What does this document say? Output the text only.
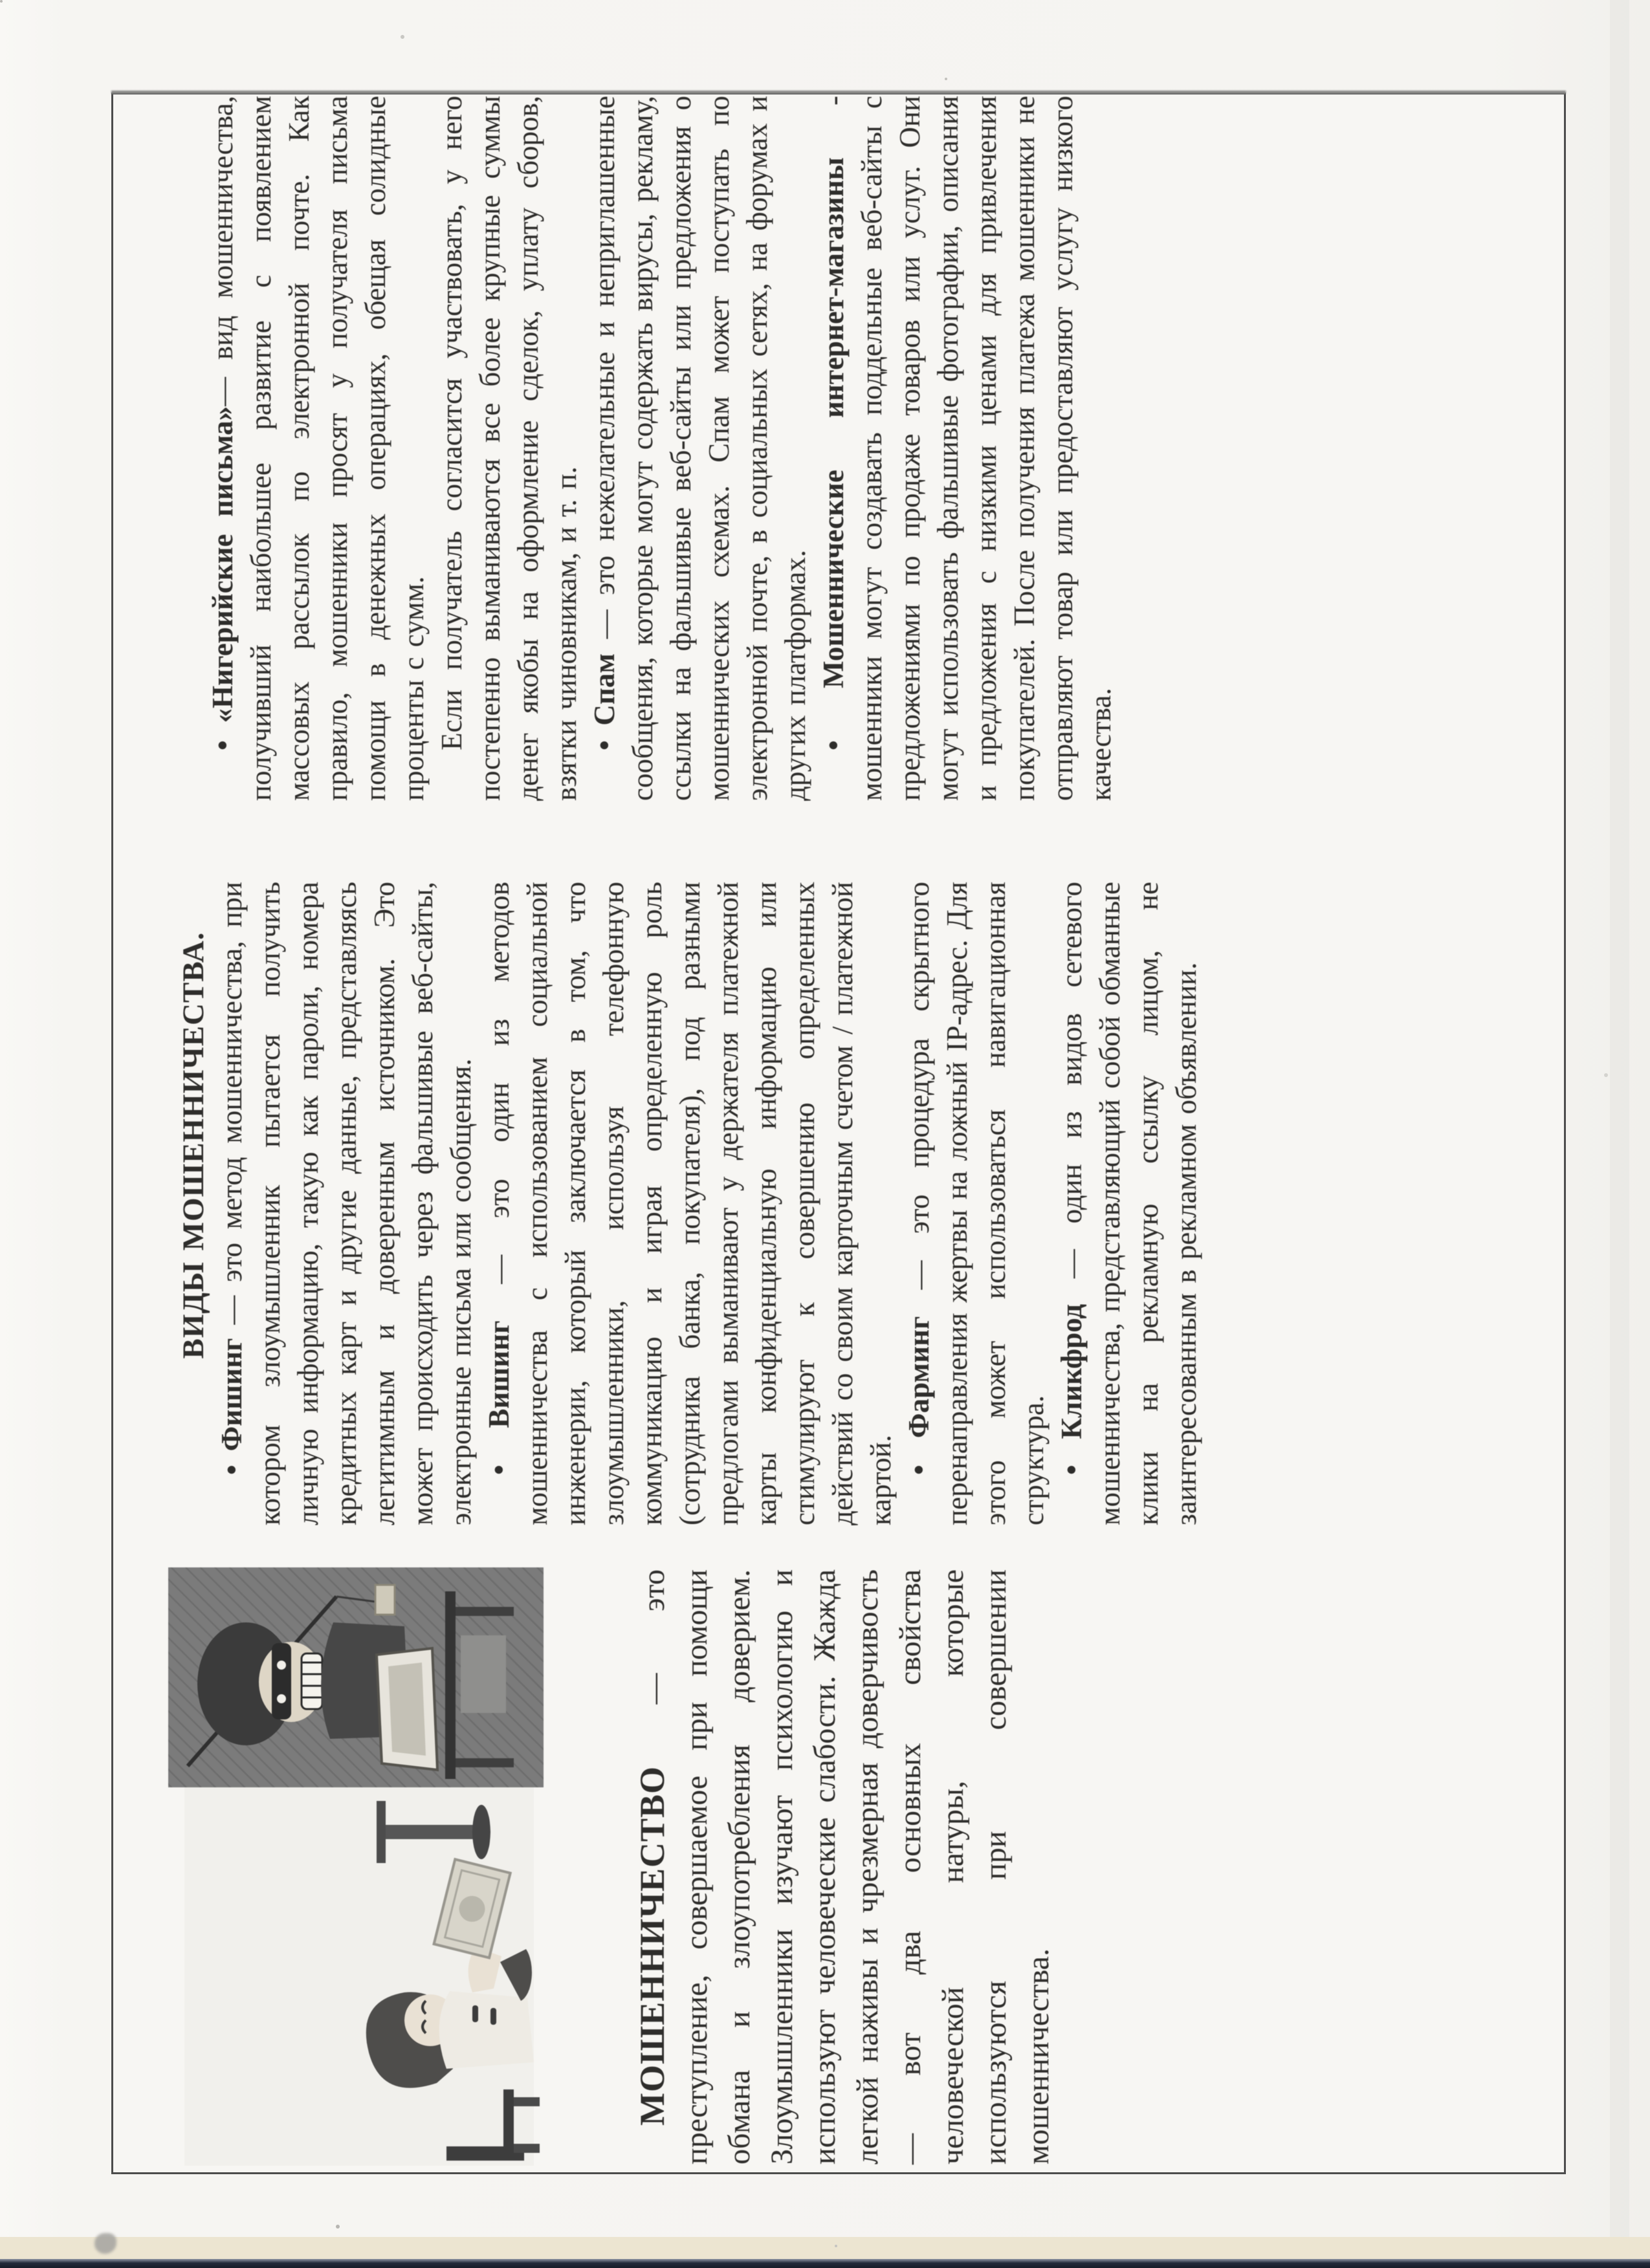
МОШЕННИЧЕСТВО — это преступление, совершаемое при помощи обмана и злоупотребления доверием. Злоумышленники изучают психологию и используют человеческие слабости. Жажда легкой наживы и чрезмерная доверчивость — вот два основных свойства человеческой натуры, которые используются при совершении мошенничества.

ВИДЫ МОШЕННИЧЕСТВА.

• Фишинг — это метод мошенничества, при котором злоумышленник пытается получить личную информацию, такую как пароли, номера кредитных карт и другие данные, представляясь легитимным и доверенным источником. Это может происходить через фальшивые веб-сайты, электронные письма или сообщения. • Вишинг — это один из методов мошенничества с использованием социальной инженерии, который заключается в том, что злоумышленники, используя телефонную коммуникацию и играя определенную роль (сотрудника банка, покупателя), под разными предлогами выманивают у держателя платежной карты конфиденциальную информацию или стимулируют к совершению определенных действий со своим карточным счетом / платежной картой.

• Фарминг — это процедура скрытного перенаправления жертвы на ложный IP-адрес. Для этого может использоваться навигационная структура. • Кликфрод — один из видов сетевого мошенничества, представляющий собой обманные клики на рекламную ссылку лицом, не заинтересованным в рекламном объявлении.

• «Нигерийские письма»— вид мошенничества, получивший наибольшее развитие с появлением массовых рассылок по электронной почте. Как правило, мошенники просят у получателя письма помощи в денежных операциях, обещая солидные проценты с сумм. Если получатель согласится участвовать, у него постепенно выманиваются все более крупные суммы денег якобы на оформление сделок, уплату сборов, взятки чиновникам, и т. п. • Спам — это нежелательные и неприглашенные сообщения, которые могут содержать вирусы, рекламу, ссылки на фальшивые веб-сайты или предложения о мошеннических схемах. Спам может поступать по электронной почте, в социальных сетях, на форумах и других платформах. • Мошеннические интернет-магазины - мошенники могут создавать поддельные веб-сайты с предложениями по продаже товаров или услуг. Они могут использовать фальшивые фотографии, описания и предложения с низкими ценами для привлечения покупателей. После получения платежа мошенники не отправляют товар или предоставляют услугу низкого качества.
